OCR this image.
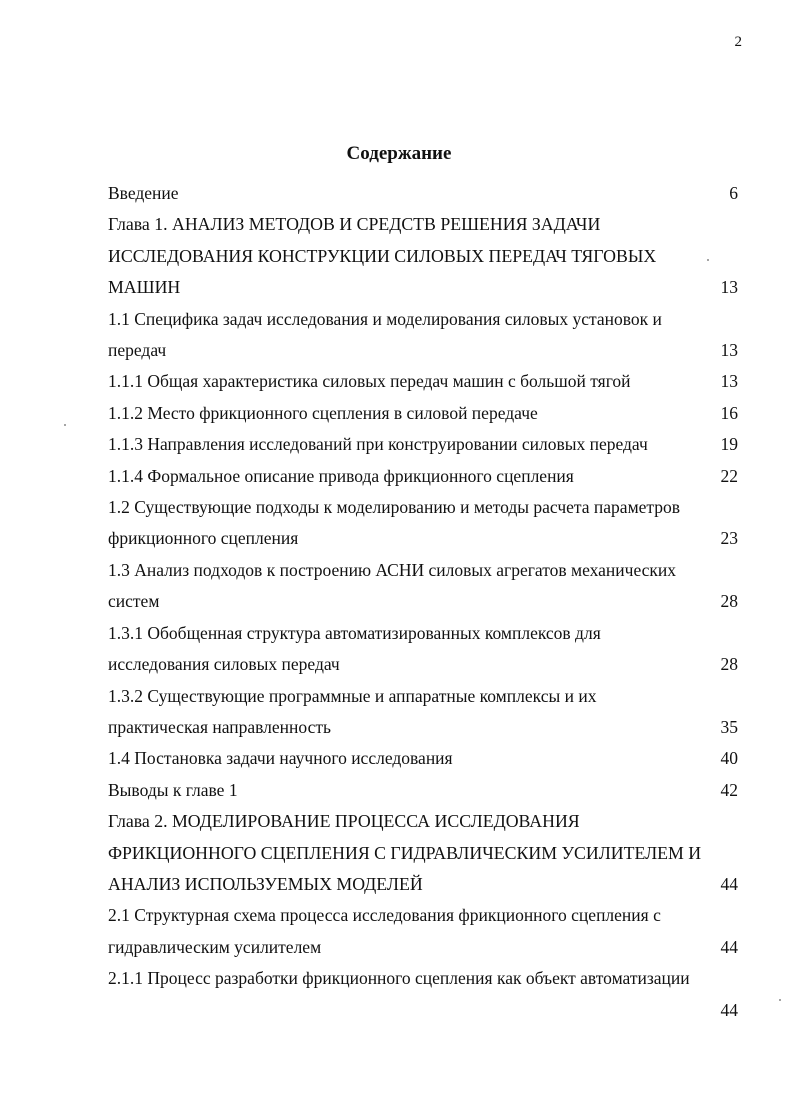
2
Содержание
Введение	6
Глава 1. АНАЛИЗ МЕТОДОВ И СРЕДСТВ РЕШЕНИЯ ЗАДАЧИ
ИССЛЕДОВАНИЯ КОНСТРУКЦИИ СИЛОВЫХ ПЕРЕДАЧ ТЯГОВЫХ
МАШИН	13
1.1 Специфика задач исследования и моделирования силовых установок и
передач	13
1.1.1 Общая характеристика силовых передач машин с большой тягой	13
1.1.2 Место фрикционного сцепления в силовой передаче	16
1.1.3 Направления исследований при конструировании силовых передач	19
1.1.4 Формальное описание привода фрикционного сцепления	22
1.2 Существующие подходы к моделированию и методы расчета параметров
фрикционного сцепления	23
1.3 Анализ подходов к построению АСНИ силовых агрегатов механических
систем	28
1.3.1 Обобщенная структура автоматизированных комплексов для
исследования силовых передач	28
1.3.2 Существующие программные и аппаратные комплексы и их
практическая направленность	35
1.4 Постановка задачи научного исследования	40
Выводы к главе 1	42
Глава 2. МОДЕЛИРОВАНИЕ ПРОЦЕССА ИССЛЕДОВАНИЯ
ФРИКЦИОННОГО СЦЕПЛЕНИЯ С ГИДРАВЛИЧЕСКИМ УСИЛИТЕЛЕМ И
АНАЛИЗ ИСПОЛЬЗУЕМЫХ МОДЕЛЕЙ	44
2.1 Структурная схема процесса исследования фрикционного сцепления с
гидравлическим усилителем	44
2.1.1 Процесс разработки фрикционного сцепления как объект автоматизации

44
